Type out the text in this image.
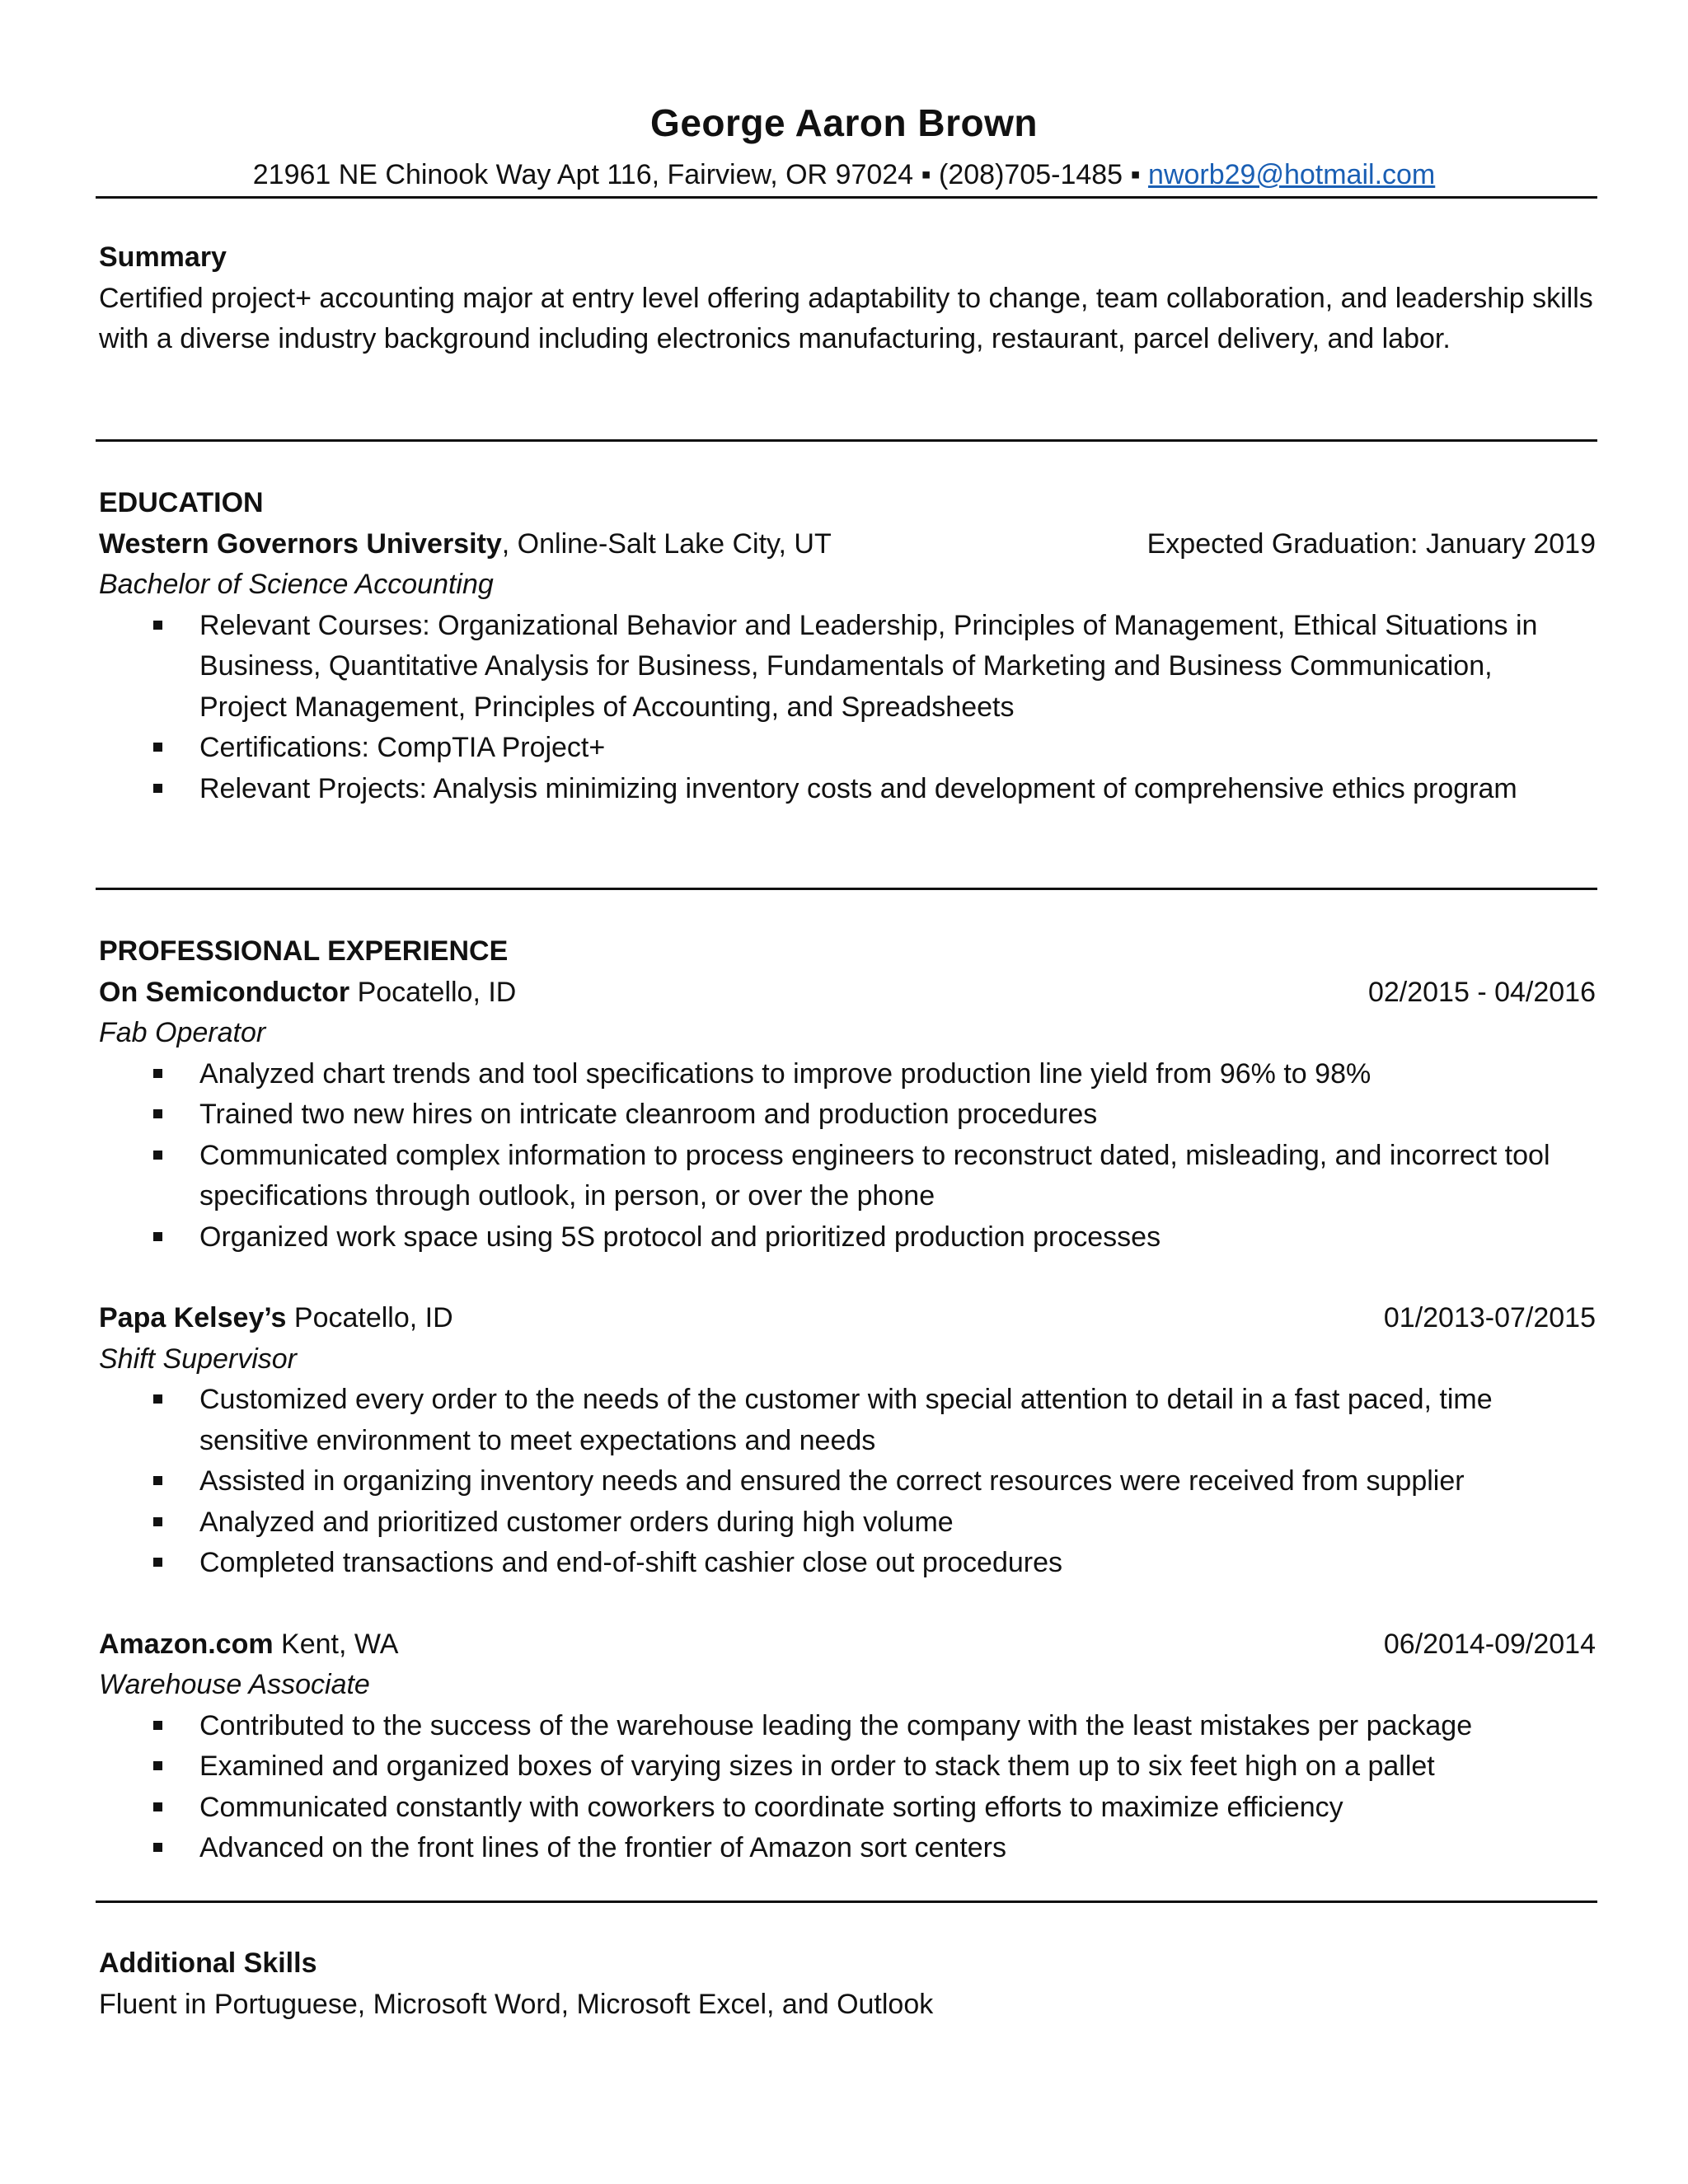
George Aaron Brown
21961 NE Chinook Way Apt 116, Fairview, OR 97024 ▪ (208)705-1485 ▪ nworb29@hotmail.com
Summary

Certified project+ accounting major at entry level offering adaptability to change, team collaboration, and leadership skills with a diverse industry background including electronics manufacturing, restaurant, parcel delivery, and labor.

EDUCATION
Western Governors University, Online-Salt Lake City, UT	Expected Graduation: January 2019
Bachelor of Science Accounting
Relevant Courses: Organizational Behavior and Leadership, Principles of Management, Ethical Situations in Business, Quantitative Analysis for Business, Fundamentals of Marketing and Business Communication, Project Management, Principles of Accounting, and Spreadsheets
Certifications: CompTIA Project+
Relevant Projects: Analysis minimizing inventory costs and development of comprehensive ethics program
PROFESSIONAL EXPERIENCE
On Semiconductor Pocatello, ID	02/2015 - 04/2016
Fab Operator
Analyzed chart trends and tool specifications to improve production line yield from 96% to 98%
Trained two new hires on intricate cleanroom and production procedures
Communicated complex information to process engineers to reconstruct dated, misleading, and incorrect tool specifications through outlook, in person, or over the phone
Organized work space using 5S protocol and prioritized production processes
Papa Kelsey’s Pocatello, ID	01/2013-07/2015
Shift Supervisor
Customized every order to the needs of the customer with special attention to detail in a fast paced, time sensitive environment to meet expectations and needs
Assisted in organizing inventory needs and ensured the correct resources were received from supplier
Analyzed and prioritized customer orders during high volume
Completed transactions and end-of-shift cashier close out procedures
Amazon.com Kent, WA	06/2014-09/2014
Warehouse Associate
Contributed to the success of the warehouse leading the company with the least mistakes per package
Examined and organized boxes of varying sizes in order to stack them up to six feet high on a pallet
Communicated constantly with coworkers to coordinate sorting efforts to maximize efficiency
Advanced on the front lines of the frontier of Amazon sort centers
Additional Skills

Fluent in Portuguese, Microsoft Word, Microsoft Excel, and Outlook
